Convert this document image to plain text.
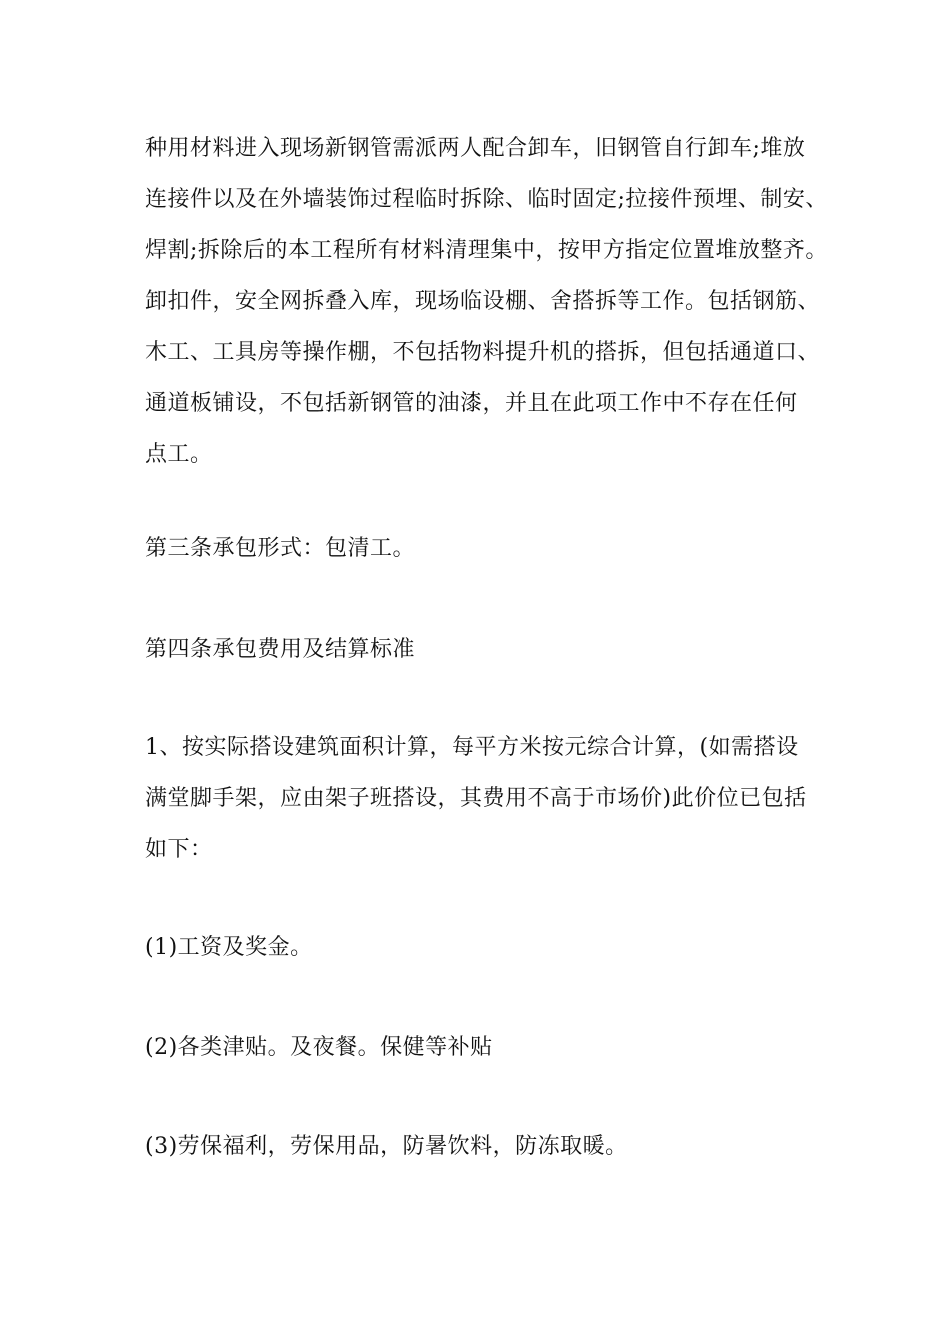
种用材料进入现场新钢管需派两人配合卸车，旧钢管自行卸车;堆放
连接件以及在外墙装饰过程临时拆除、临时固定;拉接件预埋、制安、
焊割;拆除后的本工程所有材料清理集中，按甲方指定位置堆放整齐。
卸扣件，安全网拆叠入库，现场临设棚、舍搭拆等工作。包括钢筋、
木工、工具房等操作棚，不包括物料提升机的搭拆，但包括通道口、
通道板铺设，不包括新钢管的油漆，并且在此项工作中不存在任何
点工。
第三条承包形式：包清工。
第四条承包费用及结算标准
1、按实际搭设建筑面积计算，每平方米按元综合计算，(如需搭设
满堂脚手架，应由架子班搭设，其费用不高于市场价)此价位已包括
如下：
(1)工资及奖金。
(2)各类津贴。及夜餐。保健等补贴
(3)劳保福利，劳保用品，防暑饮料，防冻取暖。
